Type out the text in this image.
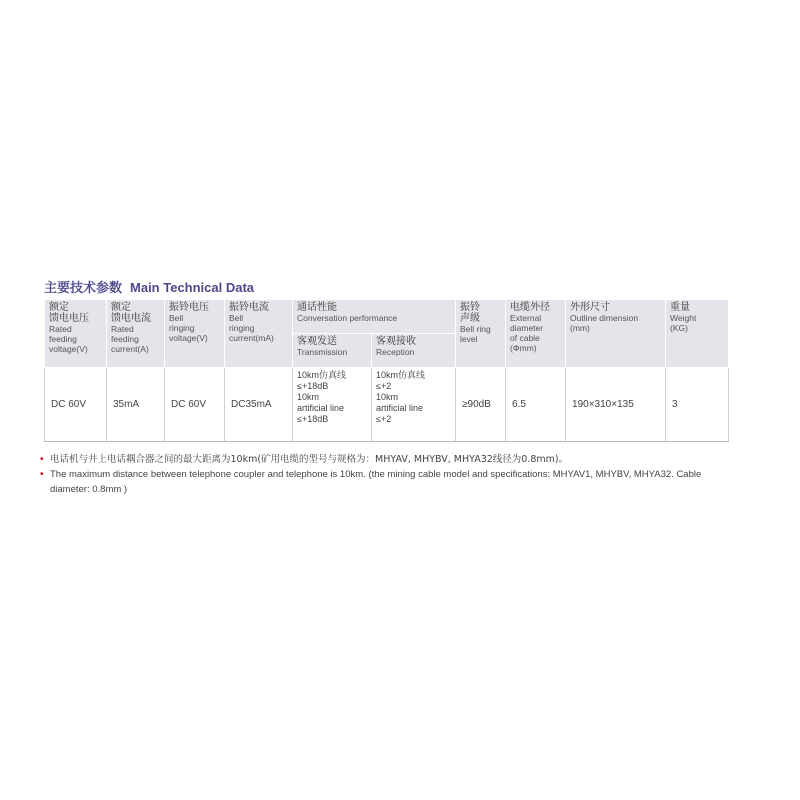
主要技术参数 Main Technical Data
额定
馈电电压
Rated
feeding
voltage(V)	额定
馈电电流
Rated
feeding
current(A)	振铃电压
Bell
ringing
voltage(V)	振铃电流
Bell
ringing
current(mA)	通话性能
Conversation performance		振铃
声级
Bell ring
level	电缆外径
External
diameter
of cable
(Φmm)	外形尺寸
Outline dimension
(mm)	重量
Weight
(KG)

				客观发送
Transmission	客观接收
Reception				

DC 60V	35mA	DC 60V	DC35mA	10km仿真线
≤+18dB
10km
artificial line
≤+18dB	10km仿真线
≤+2
10km
artificial line
≤+2	≥90dB	6.5	190×310×135	3
• 电话机与井上电话耦合器之间的最大距离为10km(矿用电缆的型号与规格为：MHYAV, MHYBV, MHYA32线径为0.8mm)。
• The maximum distance between telephone coupler and telephone is 10km. (the mining cable model and specifications: MHYAV1, MHYBV, MHYA32. Cable diameter: 0.8mm )
